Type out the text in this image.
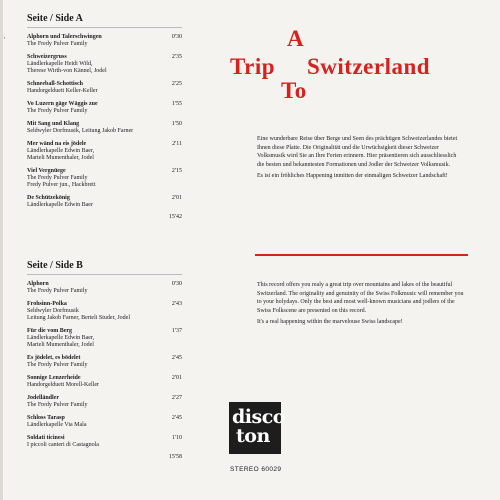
'
Seite / Side A
Alphorn und Talerschwingen	0'30
The Fredy Pulver Family
Schweizergruss	2'35
Ländlerkapelle Heidi Wild,
Therese Wirth-von Kännel, Jodel
Schneeball-Schottisch	2'25
Handorgelduett Keller-Keller
Vo Luzern gäge Wäggis zue	1'55
The Fredy Pulver Family
Mit Sang und Klang	1'50
Seldwyler Dorfmusik, Leitung Jakob Farner
Mer wänd na eis jödele	2'11
Ländlerkapelle Edwin Baer,
Marteli Mumenthaler, Jodel
Viel Vergnüege	2'15
The Fredy Pulver Family
Fredy Pulver jun., Hackbrett
De Schützekönig	2'01
Ländlerkapelle Edwin Baer
15'42
Seite / Side B
Alphorn	0'30
The Fredy Pulver Family
Frohsinn-Polka	2'43
Seldwyler Dorfmusik
Leitung Jakob Farner, Berteli Studer, Jodel
Für die vom Berg	1'37
Ländlerkapelle Edwin Baer,
Marteli Mumenthaler, Jodel
Es jödelet, es bödelet	2'45
The Fredy Pulver Family
Sonnige Lenzerheide	2'01
Handorgelduett Morell-Keller
Jodelländler	2'27
The Fredy Pulver Family
Schloss Tarasp	2'45
Ländlerkapelle Via Mala
Soldati ticinesi	1'10
I piccoli canteri di Castagnola
15'58
A
Trip Switzerland
To

Eine wunderbare Reise über Berge und Seen des prächtigen Schweizerlandes bietet Ihnen diese Platte. Die Originalität und die Urwüchsigkeit dieser Schweizer Volksmusik wird Sie an Ihre Ferien erinnern. Hier präsentieren sich ausschliesslich die besten und bekanntesten Formationen und Jodler der Schweizer Volksmusik.

Es ist ein fröhliches Happening inmitten der einmaligen Schweizer Landschaft!

This record offers you realy a great trip over mountains and lakes of the beautiful Switzerland. The originality and genuinity of the Swiss Folkmusic will remember you to your holydays. Only the best and most well-known musicians and jodlers of the Swiss Folkscene are presented on this record.

It's a real happening within the marvelouse Swiss landscape!

disco
ton
STEREO 60029
